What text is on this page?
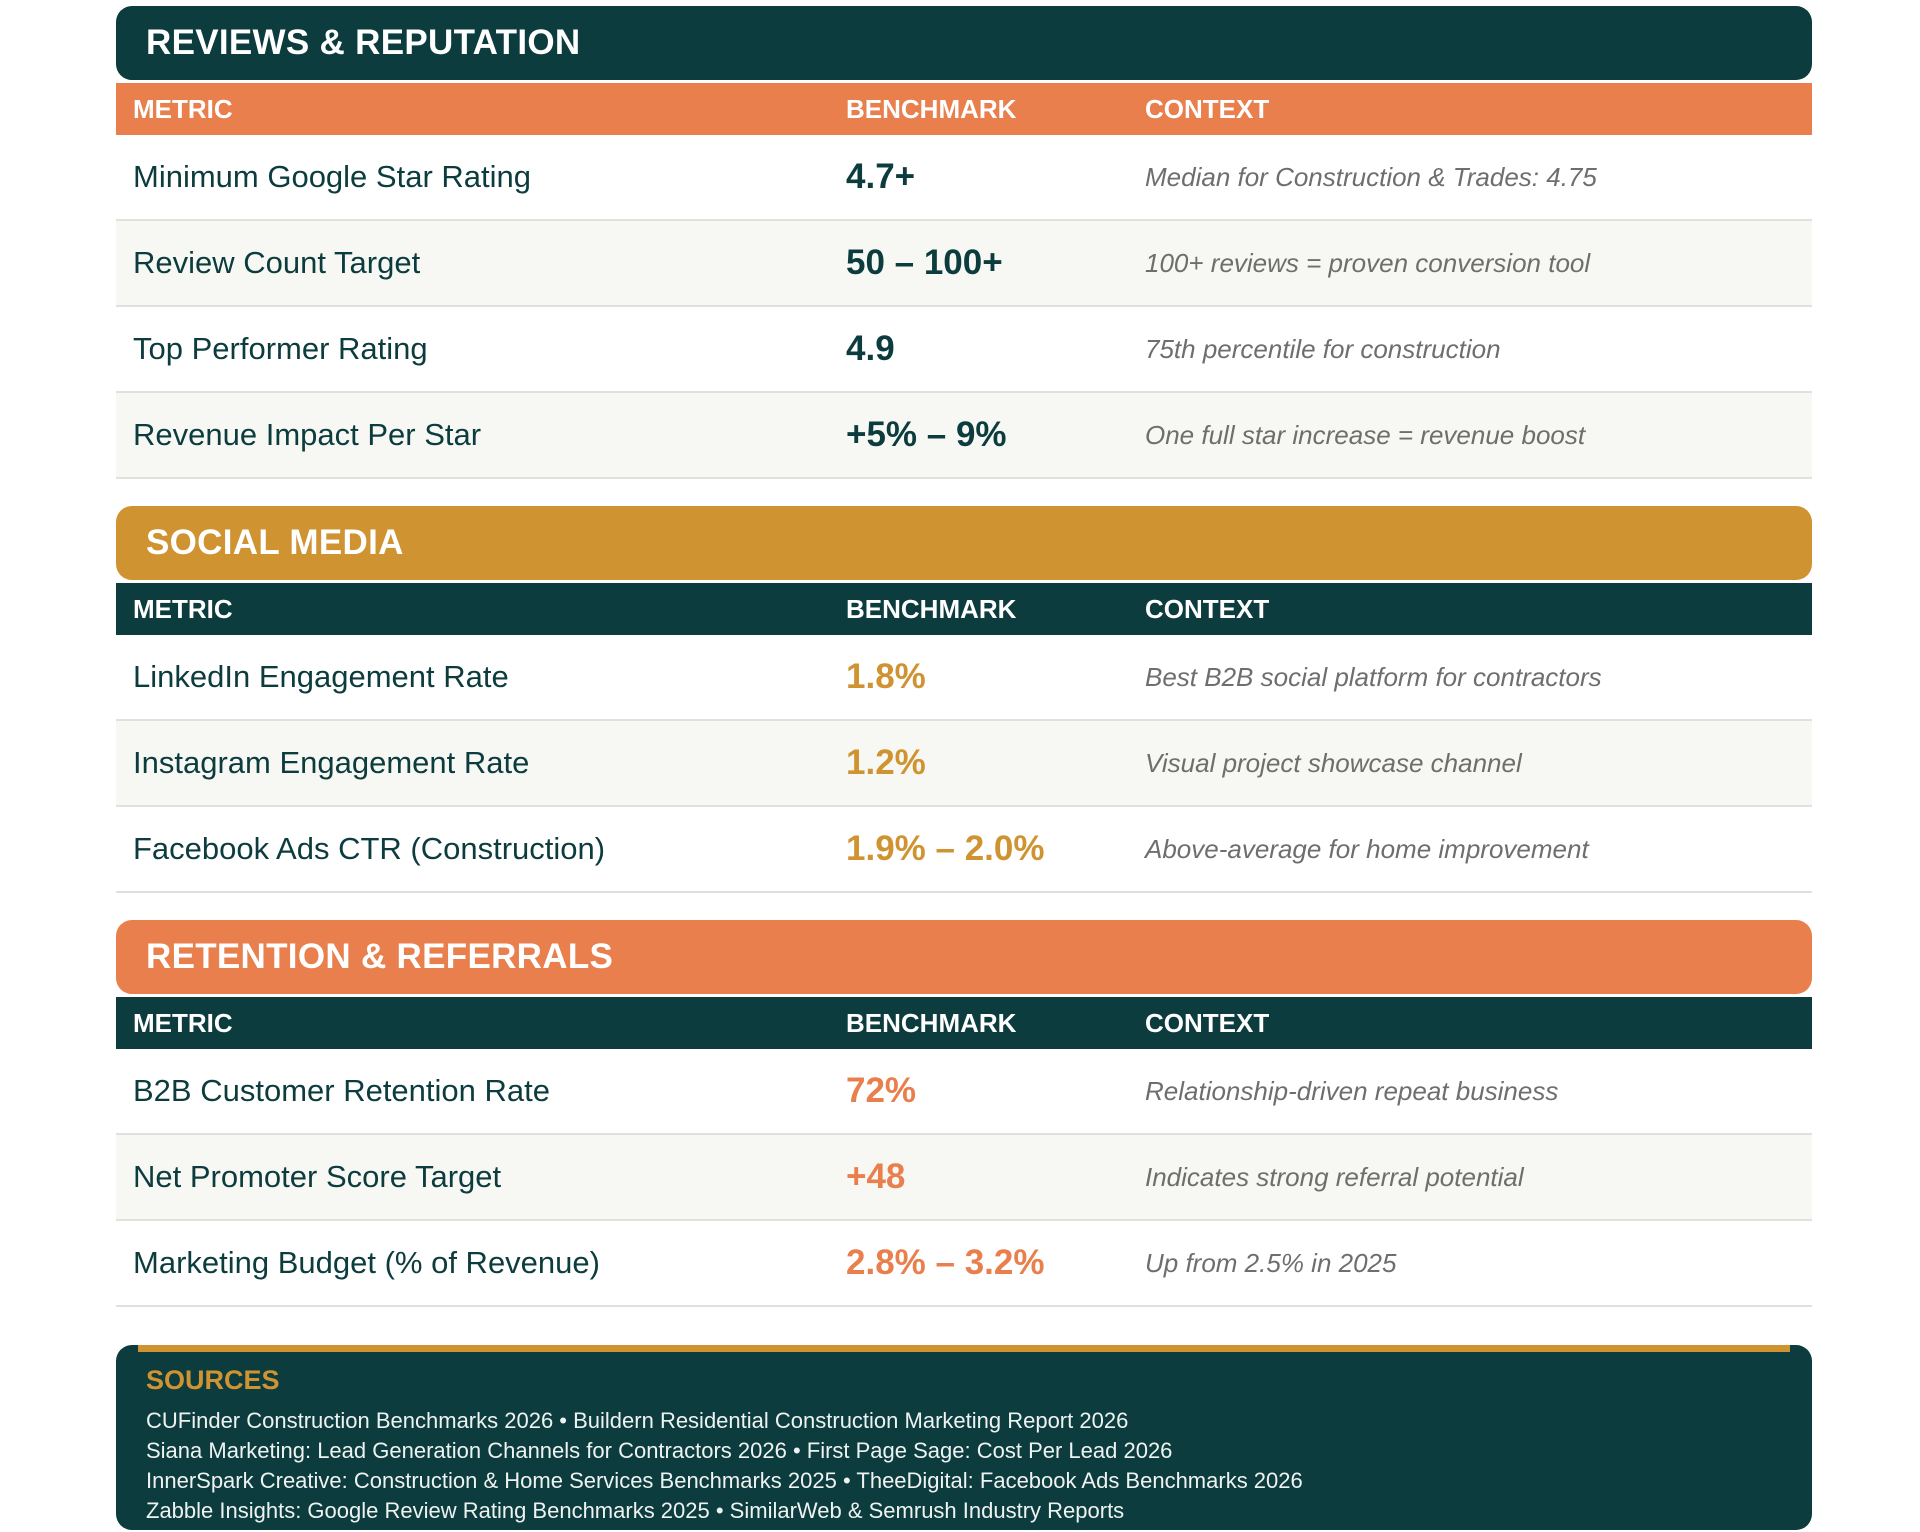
REVIEWS & REPUTATION
METRIC	BENCHMARK	CONTEXT
Minimum Google Star Rating	4.7+	Median for Construction & Trades: 4.75
Review Count Target	50 – 100+	100+ reviews = proven conversion tool
Top Performer Rating	4.9	75th percentile for construction
Revenue Impact Per Star	+5% – 9%	One full star increase = revenue boost
SOCIAL MEDIA
METRIC	BENCHMARK	CONTEXT
LinkedIn Engagement Rate	1.8%	Best B2B social platform for contractors
Instagram Engagement Rate	1.2%	Visual project showcase channel
Facebook Ads CTR (Construction)	1.9% – 2.0%	Above-average for home improvement
RETENTION & REFERRALS
METRIC	BENCHMARK	CONTEXT
B2B Customer Retention Rate	72%	Relationship-driven repeat business
Net Promoter Score Target	+48	Indicates strong referral potential
Marketing Budget (% of Revenue)	2.8% – 3.2%	Up from 2.5% in 2025
SOURCES
CUFinder Construction Benchmarks 2026 • Buildern Residential Construction Marketing Report 2026
Siana Marketing: Lead Generation Channels for Contractors 2026 • First Page Sage: Cost Per Lead 2026
InnerSpark Creative: Construction & Home Services Benchmarks 2025 • TheeDigital: Facebook Ads Benchmarks 2026
Zabble Insights: Google Review Rating Benchmarks 2025 • SimilarWeb & Semrush Industry Reports
